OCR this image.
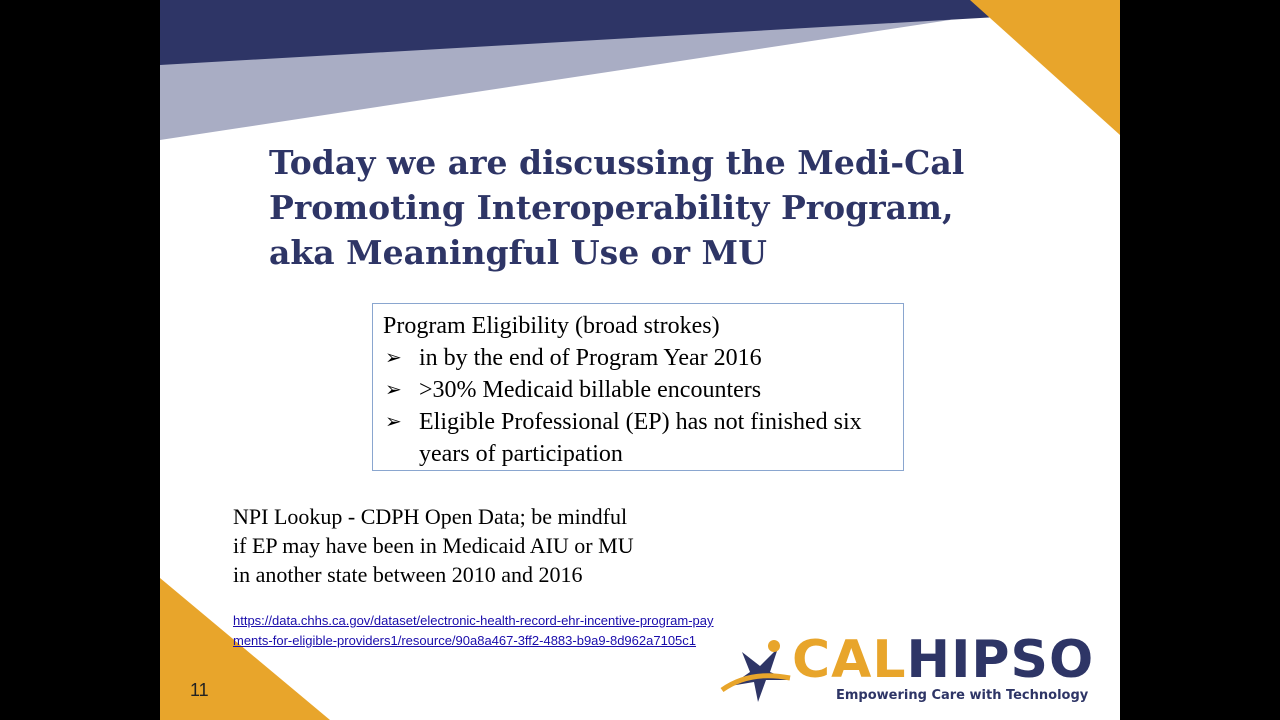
Today we are discussing the Medi-Cal
Promoting Interoperability Program,
aka Meaningful Use or MU

Program Eligibility (broad strokes)

➢ in by the end of Program Year 2016
➢ >30% Medicaid billable encounters
➢ Eligible Professional (EP) has not finished six years of participation

NPI Lookup - CDPH Open Data; be mindful
if EP may have been in Medicaid AIU or MU
in another state between 2010 and 2016

https://data.chhs.ca.gov/dataset/electronic-health-record-ehr-incentive-program-payments-for-eligible-providers1/resource/90a8a467-3ff2-4883-b9a9-8d962a7105c1
11	CALHIPSO
Empowering Care with Technology
